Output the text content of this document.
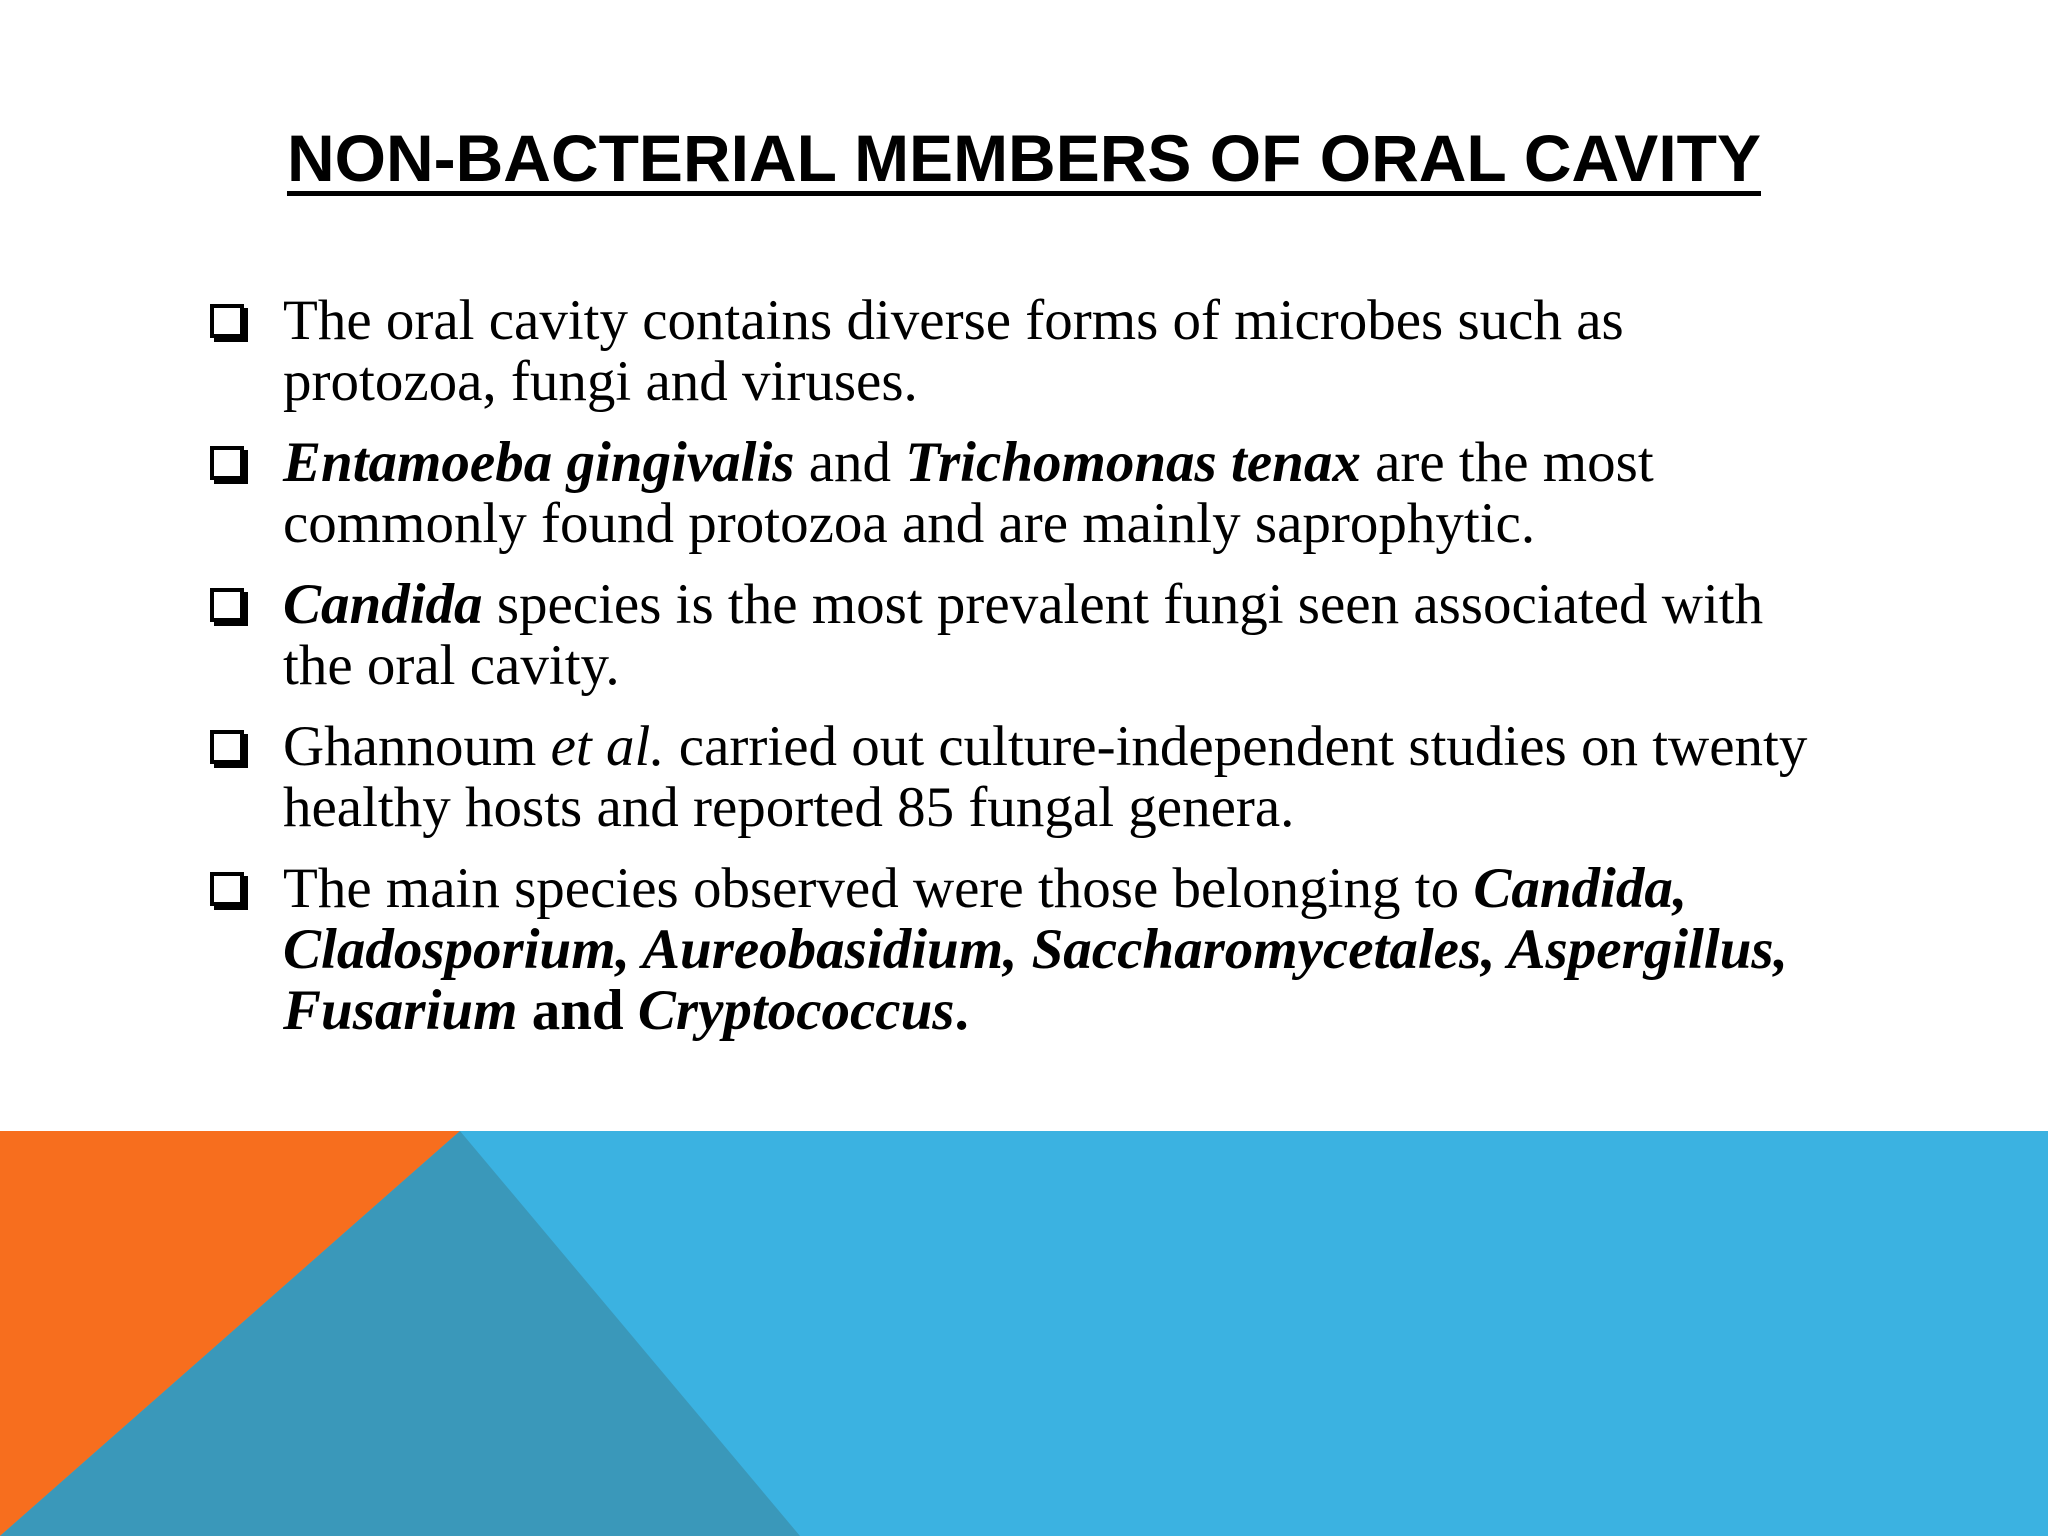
NON-BACTERIAL MEMBERS OF ORAL CAVITY
The oral cavity contains diverse forms of microbes such as protozoa, fungi and viruses.
Entamoeba gingivalis and Trichomonas tenax are the most commonly found protozoa and are mainly saprophytic.
Candida species is the most prevalent fungi seen associated with the oral cavity.
Ghannoum et al. carried out culture-independent studies on twenty healthy hosts and reported 85 fungal genera.
The main species observed were those belonging to Candida, Cladosporium, Aureobasidium, Saccharomycetales, Aspergillus, Fusarium and Cryptococcus.
